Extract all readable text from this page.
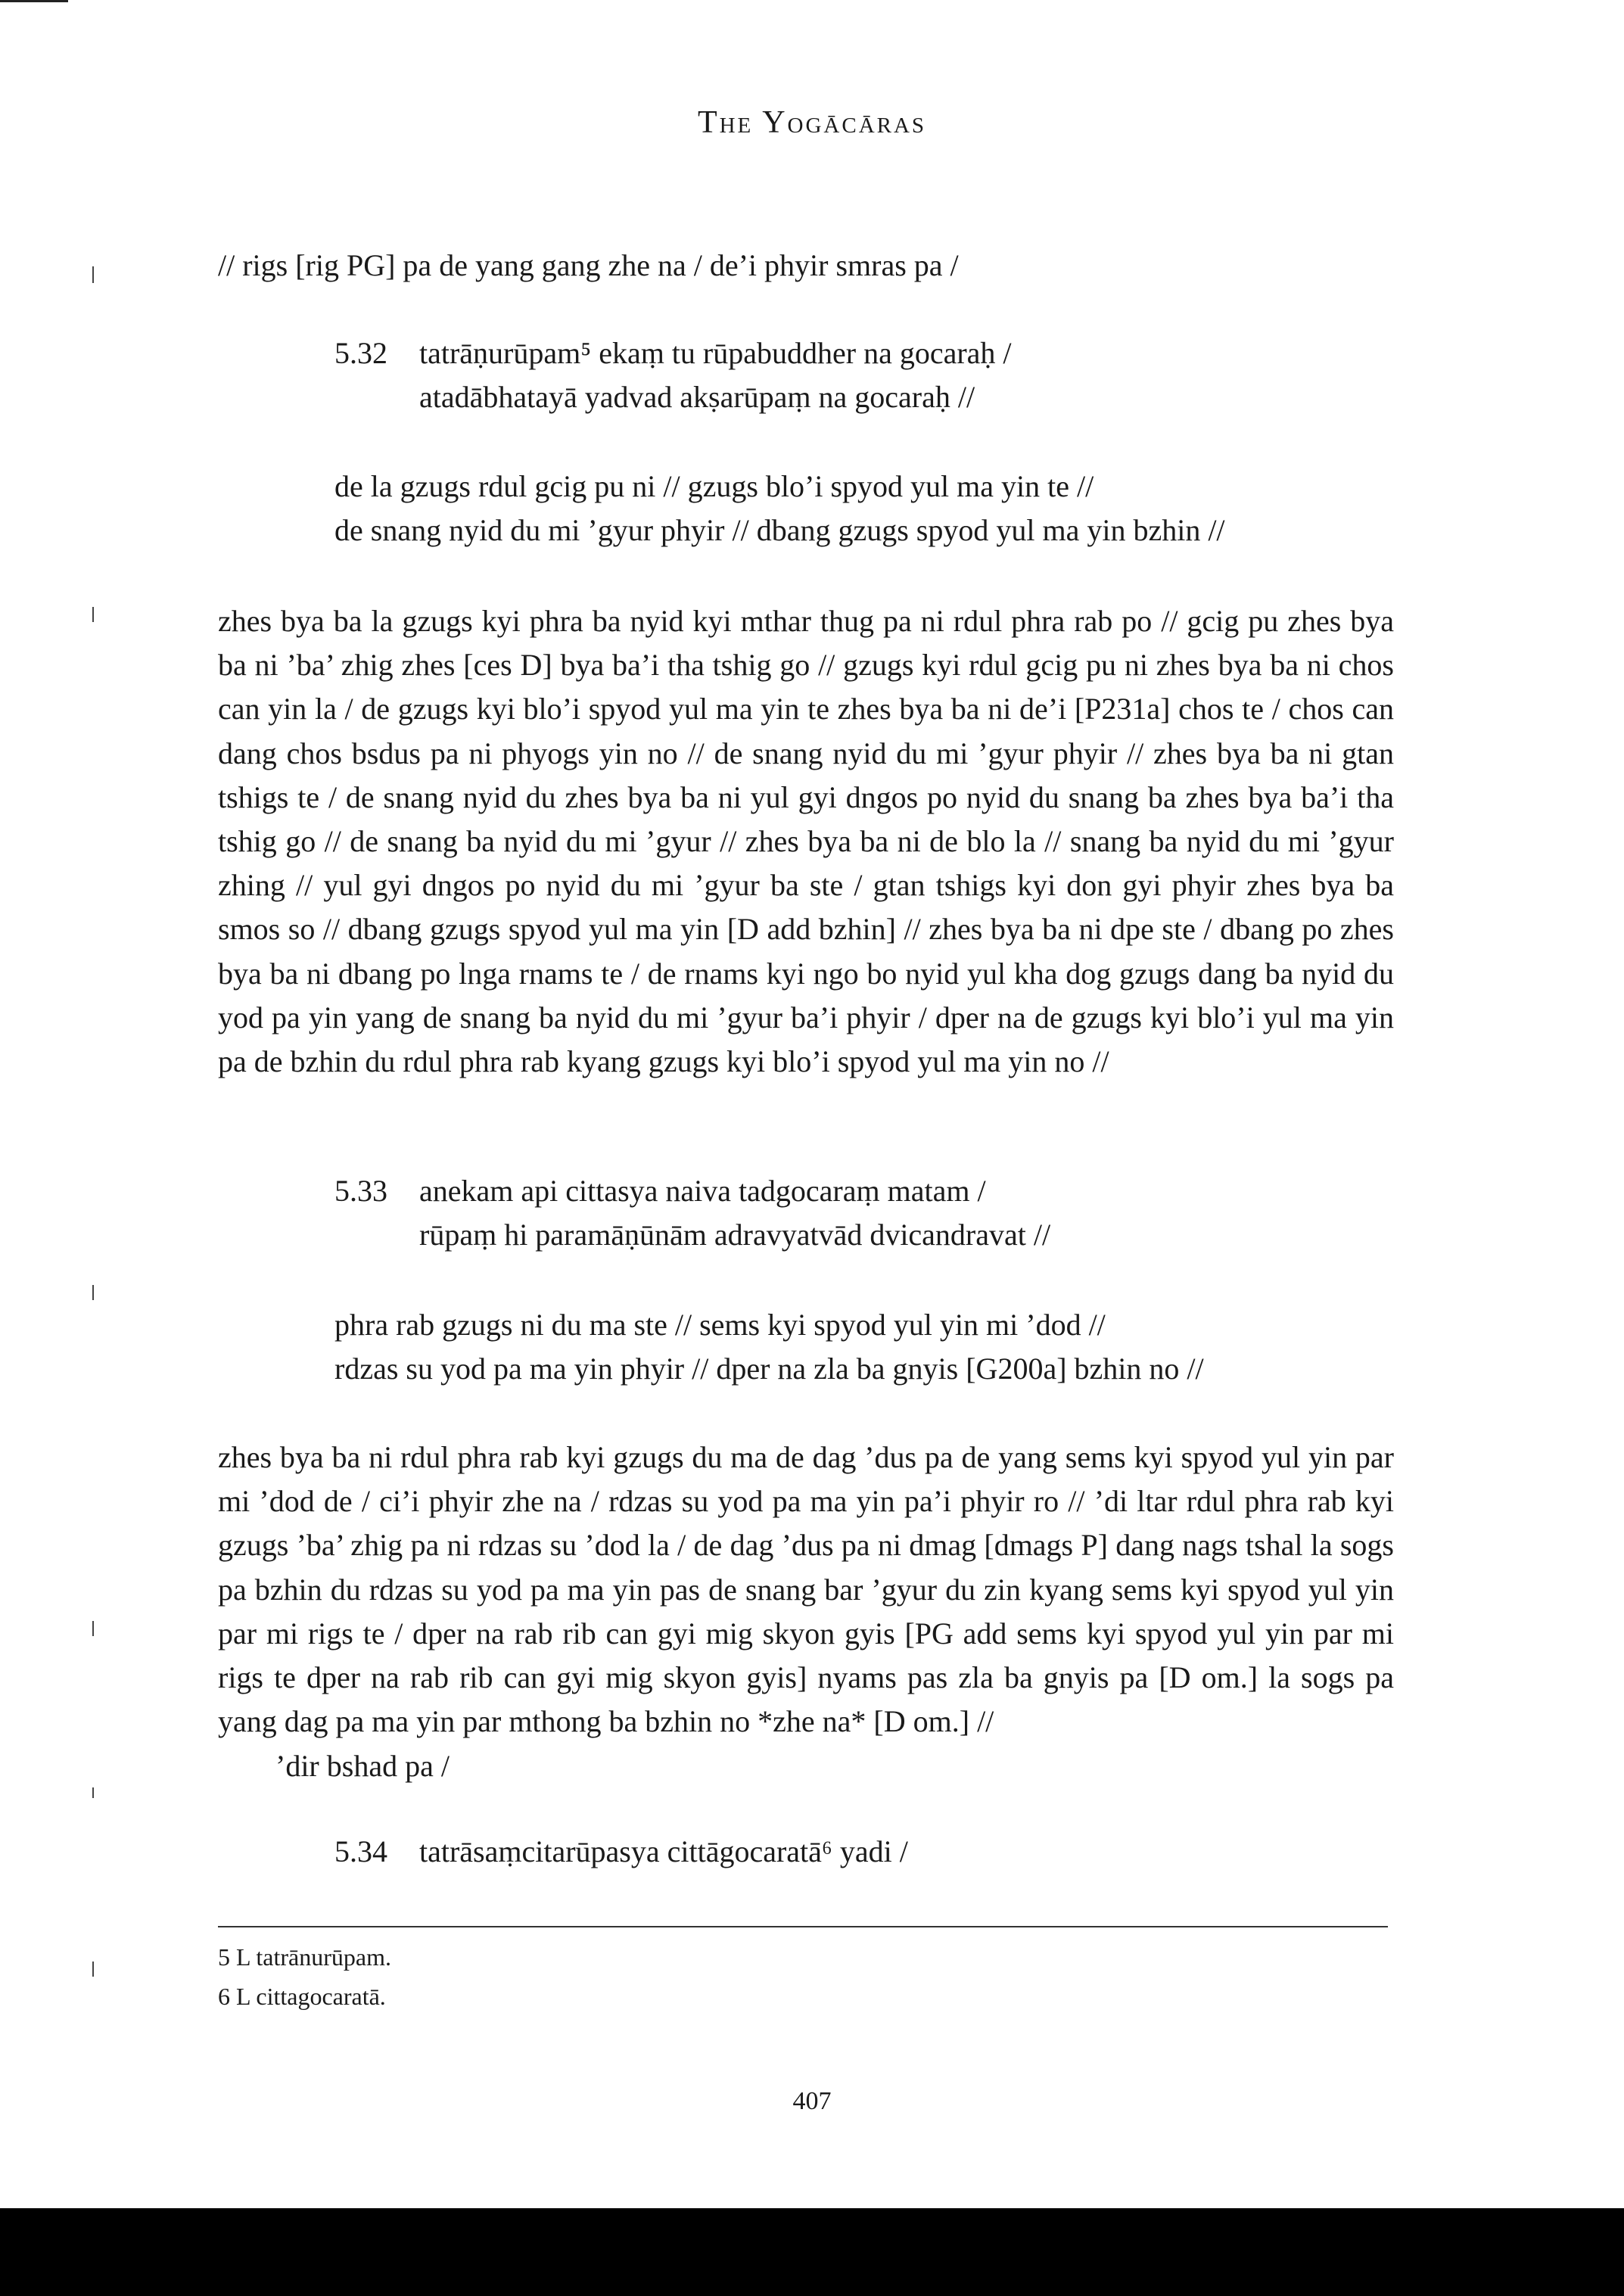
The Yogācāras

// rigs [rig PG] pa de yang gang zhe na / de’i phyir smras pa /

5.32	tatrāṇurūpam⁵ ekaṃ tu rūpabuddher na gocaraḥ /
atadābhatayā yadvad akṣarūpaṃ na gocaraḥ //
de la gzugs rdul gcig pu ni // gzugs blo’i spyod yul ma yin te //
de snang nyid du mi ’gyur phyir // dbang gzugs spyod yul ma yin bzhin //

zhes bya ba la gzugs kyi phra ba nyid kyi mthar thug pa ni rdul phra rab po // gcig pu zhes bya ba ni ’ba’ zhig zhes [ces D] bya ba’i tha tshig go // gzugs kyi rdul gcig pu ni zhes bya ba ni chos can yin la / de gzugs kyi blo’i spyod yul ma yin te zhes bya ba ni de’i [P231a] chos te / chos can dang chos bsdus pa ni phyogs yin no // de snang nyid du mi ’gyur phyir // zhes bya ba ni gtan tshigs te / de snang nyid du zhes bya ba ni yul gyi dngos po nyid du snang ba zhes bya ba’i tha tshig go // de snang ba nyid du mi ’gyur // zhes bya ba ni de blo la // snang ba nyid du mi ’gyur zhing // yul gyi dngos po nyid du mi ’gyur ba ste / gtan tshigs kyi don gyi phyir zhes bya ba smos so // dbang gzugs spyod yul ma yin [D add bzhin] // zhes bya ba ni dpe ste / dbang po zhes bya ba ni dbang po lnga rnams te / de rnams kyi ngo bo nyid yul kha dog gzugs dang ba nyid du yod pa yin yang de snang ba nyid du mi ’gyur ba’i phyir / dper na de gzugs kyi blo’i yul ma yin pa de bzhin du rdul phra rab kyang gzugs kyi blo’i spyod yul ma yin no //

5.33	anekam api cittasya naiva tadgocaraṃ matam /
rūpaṃ hi paramāṇūnām adravyatvād dvicandravat //
phra rab gzugs ni du ma ste // sems kyi spyod yul yin mi ’dod //
rdzas su yod pa ma yin phyir // dper na zla ba gnyis [G200a] bzhin no //

zhes bya ba ni rdul phra rab kyi gzugs du ma de dag ’dus pa de yang sems kyi spyod yul yin par mi ’dod de / ci’i phyir zhe na / rdzas su yod pa ma yin pa’i phyir ro // ’di ltar rdul phra rab kyi gzugs ’ba’ zhig pa ni rdzas su ’dod la / de dag ’dus pa ni dmag [dmags P] dang nags tshal la sogs pa bzhin du rdzas su yod pa ma yin pas de snang bar ’gyur du zin kyang sems kyi spyod yul yin par mi rigs te / dper na rab rib can gyi mig skyon gyis [PG add sems kyi spyod yul yin par mi rigs te dper na rab rib can gyi mig skyon gyis] nyams pas zla ba gnyis pa [D om.] la sogs pa yang dag pa ma yin par mthong ba bzhin no *zhe na* [D om.] //

’dir bshad pa /
5.34	tatrāsaṃcitarūpasya cittāgocaratā⁶ yadi /
5 L tatrānurūpam.
6 L cittagocaratā.
407
